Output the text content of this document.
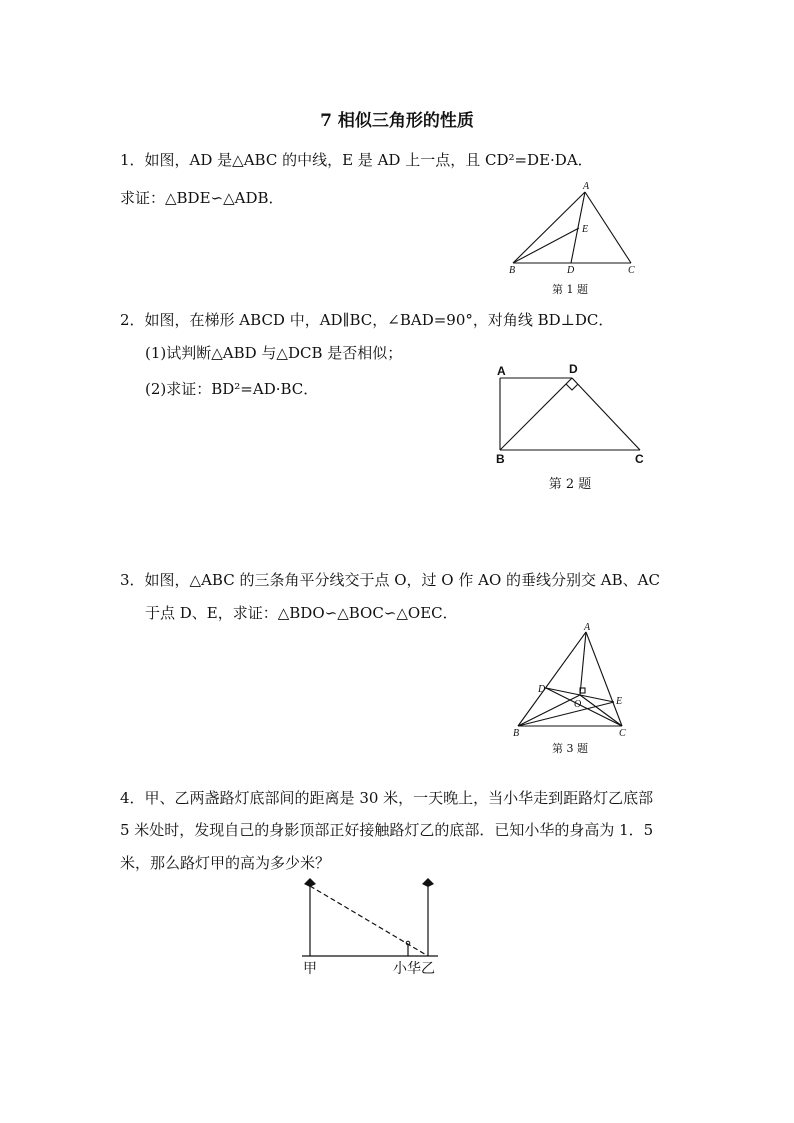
7 相似三角形的性质
1．如图，AD 是△ABC 的中线，E 是 AD 上一点，且 CD²=DE·DA．
求证：△BDE∽△ADB．
A
E
B	D	C
第 1 题
2．如图，在梯形 ABCD 中，AD∥BC，∠BAD=90°，对角线 BD⊥DC．
(1)试判断△ABD 与△DCB 是否相似；
(2)求证：BD²=AD·BC．
A	D
B	C
第 2 题
3．如图，△ABC 的三条角平分线交于点 O，过 O 作 AO 的垂线分别交 AB、AC
于点 D、E，求证：△BDO∽△BOC∽△OEC．
A
D
E
O
B	C
第 3 题
4．甲、乙两盏路灯底部间的距离是 30 米，一天晚上，当小华走到距路灯乙底部
5 米处时，发现自己的身影顶部正好接触路灯乙的底部．已知小华的身高为 1．5
米，那么路灯甲的高为多少米？
甲	小华 乙
